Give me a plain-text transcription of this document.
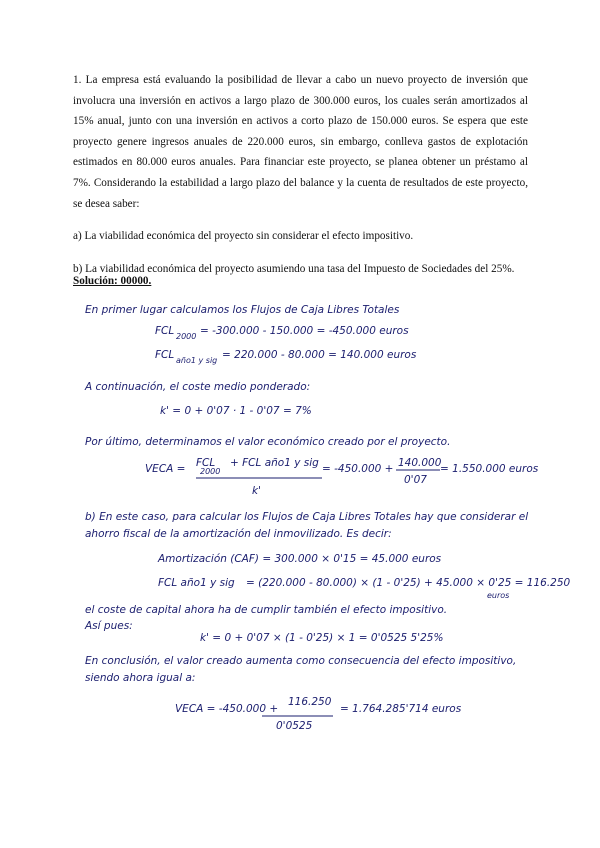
1. La empresa está evaluando la posibilidad de llevar a cabo un nuevo proyecto de inversión que involucra una inversión en activos a largo plazo de 300.000 euros, los cuales serán amortizados al 15% anual, junto con una inversión en activos a corto plazo de 150.000 euros. Se espera que este proyecto genere ingresos anuales de 220.000 euros, sin embargo, conlleva gastos de explotación estimados en 80.000 euros anuales. Para financiar este proyecto, se planea obtener un préstamo al 7%. Considerando la estabilidad a largo plazo del balance y la cuenta de resultados de este proyecto, se desea saber:

a) La viabilidad económica del proyecto sin considerar el efecto impositivo.

b) La viabilidad económica del proyecto asumiendo una tasa del Impuesto de Sociedades del 25%.

Solución: 00000.
En primer lugar calculamos los Flujos de Caja Libres Totales
FCL 2000 = -300.000 - 150.000 = -450.000 euros
FCL año1 y sig = 220.000 - 80.000 = 140.000 euros
A continuación, el coste medio ponderado:
k' = 0 + 0'07 · 1 - 0'07 = 7%
Por último, determinamos el valor económico creado por el proyecto.
VECA = FCL
2000
+ FCL año1 y sig
k'
= -450.000 + 140.000
0'07
= 1.550.000 euros
b) En este caso, para calcular los Flujos de Caja Libres Totales hay que considerar el
ahorro fiscal de la amortización del inmovilizado. Es decir:
Amortización (CAF) = 300.000 × 0'15 = 45.000 euros
FCL año1 y sig = (220.000 - 80.000) × (1 - 0'25) + 45.000 × 0'25 = 116.250
euros
el coste de capital ahora ha de cumplir también el efecto impositivo.
Así pues:
k' = 0 + 0'07 × (1 - 0'25) × 1 = 0'0525 5'25%
En conclusión, el valor creado aumenta como consecuencia del efecto impositivo,
siendo ahora igual a:
VECA = -450.000 +
116.250
0'0525
= 1.764.285'714 euros
